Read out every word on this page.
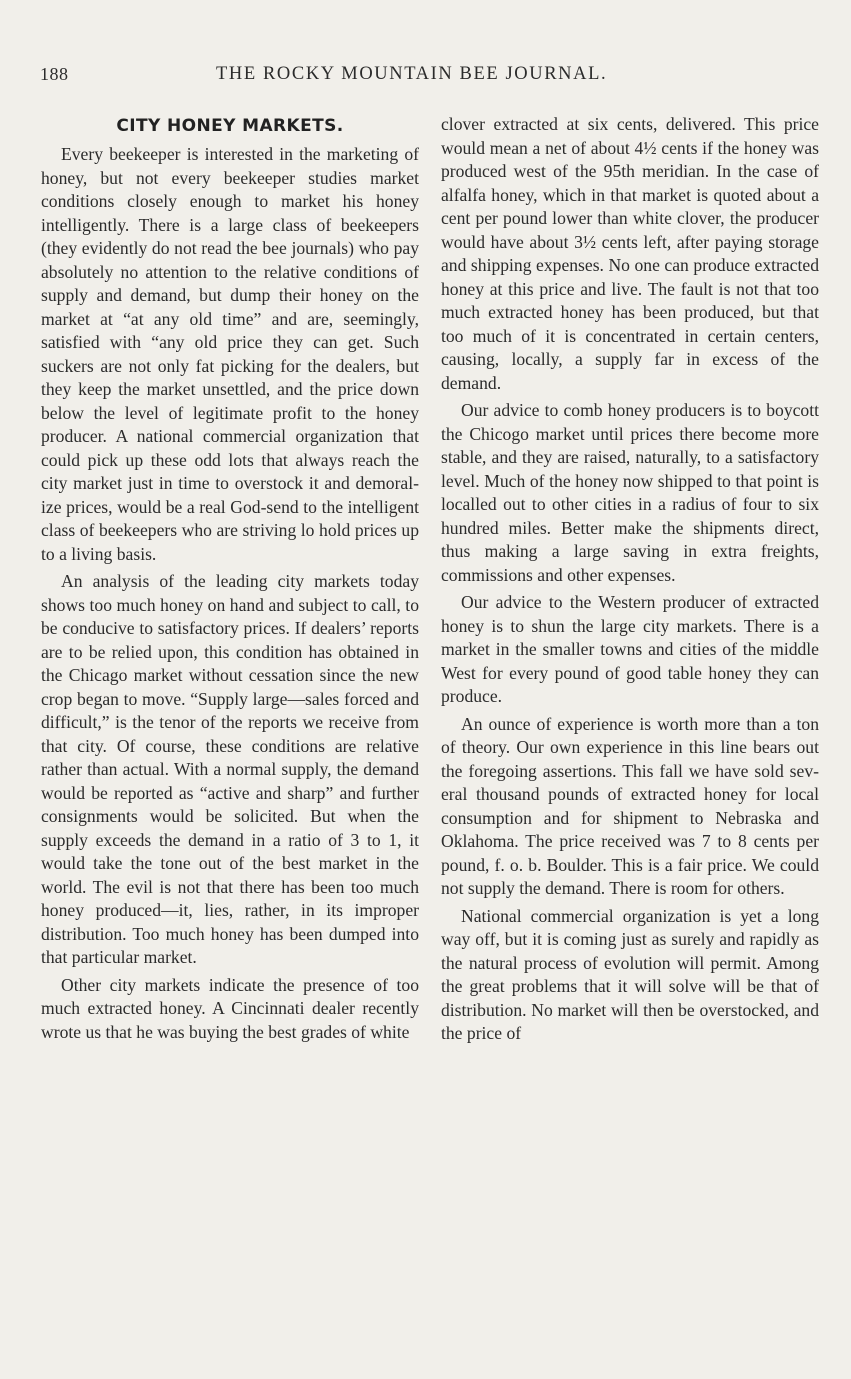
188	THE ROCKY MOUNTAIN BEE JOURNAL.
CITY HONEY MARKETS.

Every beekeeper is interested in the marketing of honey, but not every beekeeper studies market conditions closely enough to market his honey intelligently. There is a large class of beekeepers (they evidently do not read the bee journals) who pay absolutely no attention to the relative conditions of supply and demand, but dump their honey on the market at “at any old time” and are, seemingly, satisfied with “any old price they can get. Such suckers are not only fat picking for the dealers, but they keep the market unsettled, and the price down below the level of legitimate profit to the honey producer. A national commercial organization that could pick up these odd lots that always reach the city market just in time to overstock it and demoralize prices, would be a real God-send to the intelligent class of beekeepers who are striving lo hold prices up to a living basis.

An analysis of the leading city markets today shows too much honey on hand and subject to call, to be conducive to satisfactory prices. If dealers’ reports are to be relied upon, this condition has obtained in the Chicago market without cessation since the new crop began to move. “Supply large—sales forced and difficult,” is the tenor of the reports we receive from that city. Of course, these conditions are relative rather than actual. With a normal supply, the demand would be reported as “active and sharp” and further consignments would be solicited. But when the supply exceeds the demand in a ratio of 3 to 1, it would take the tone out of the best market in the world. The evil is not that there has been too much honey produced—it, lies, rather, in its improper distribution. Too much honey has been dumped into that particular market.

Other city markets indicate the presence of too much extracted honey. A Cincinnati dealer recently wrote us that he was buying the best grades of white

clover extracted at six cents, delivered. This price would mean a net of about 4½ cents if the honey was produced west of the 95th meridian. In the case of alfalfa honey, which in that market is quoted about a cent per pound lower than white clover, the producer would have about 3½ cents left, after paying storage and shipping expenses. No one can produce extracted honey at this price and live. The fault is not that too much extracted honey has been produced, but that too much of it is concentrated in certain centers, causing, locally, a supply far in excess of the demand.

Our advice to comb honey producers is to boycott the Chicogo market until prices there become more stable, and they are raised, naturally, to a satisfactory level. Much of the honey now shipped to that point is localled out to other cities in a radius of four to six hundred miles. Better make the shipments direct, thus making a large saving in extra freights, commissions and other expenses.

Our advice to the Western producer of extracted honey is to shun the large city markets. There is a market in the smaller towns and cities of the middle West for every pound of good table honey they can produce.

An ounce of experience is worth more than a ton of theory. Our own experience in this line bears out the foregoing assertions. This fall we have sold several thousand pounds of extracted honey for local consumption and for shipment to Nebraska and Oklahoma. The price received was 7 to 8 cents per pound, f. o. b. Boulder. This is a fair price. We could not supply the demand. There is room for others.

National commercial organization is yet a long way off, but it is coming just as surely and rapidly as the natural process of evolution will permit. Among the great problems that it will solve will be that of distribution. No market will then be overstocked, and the price of
